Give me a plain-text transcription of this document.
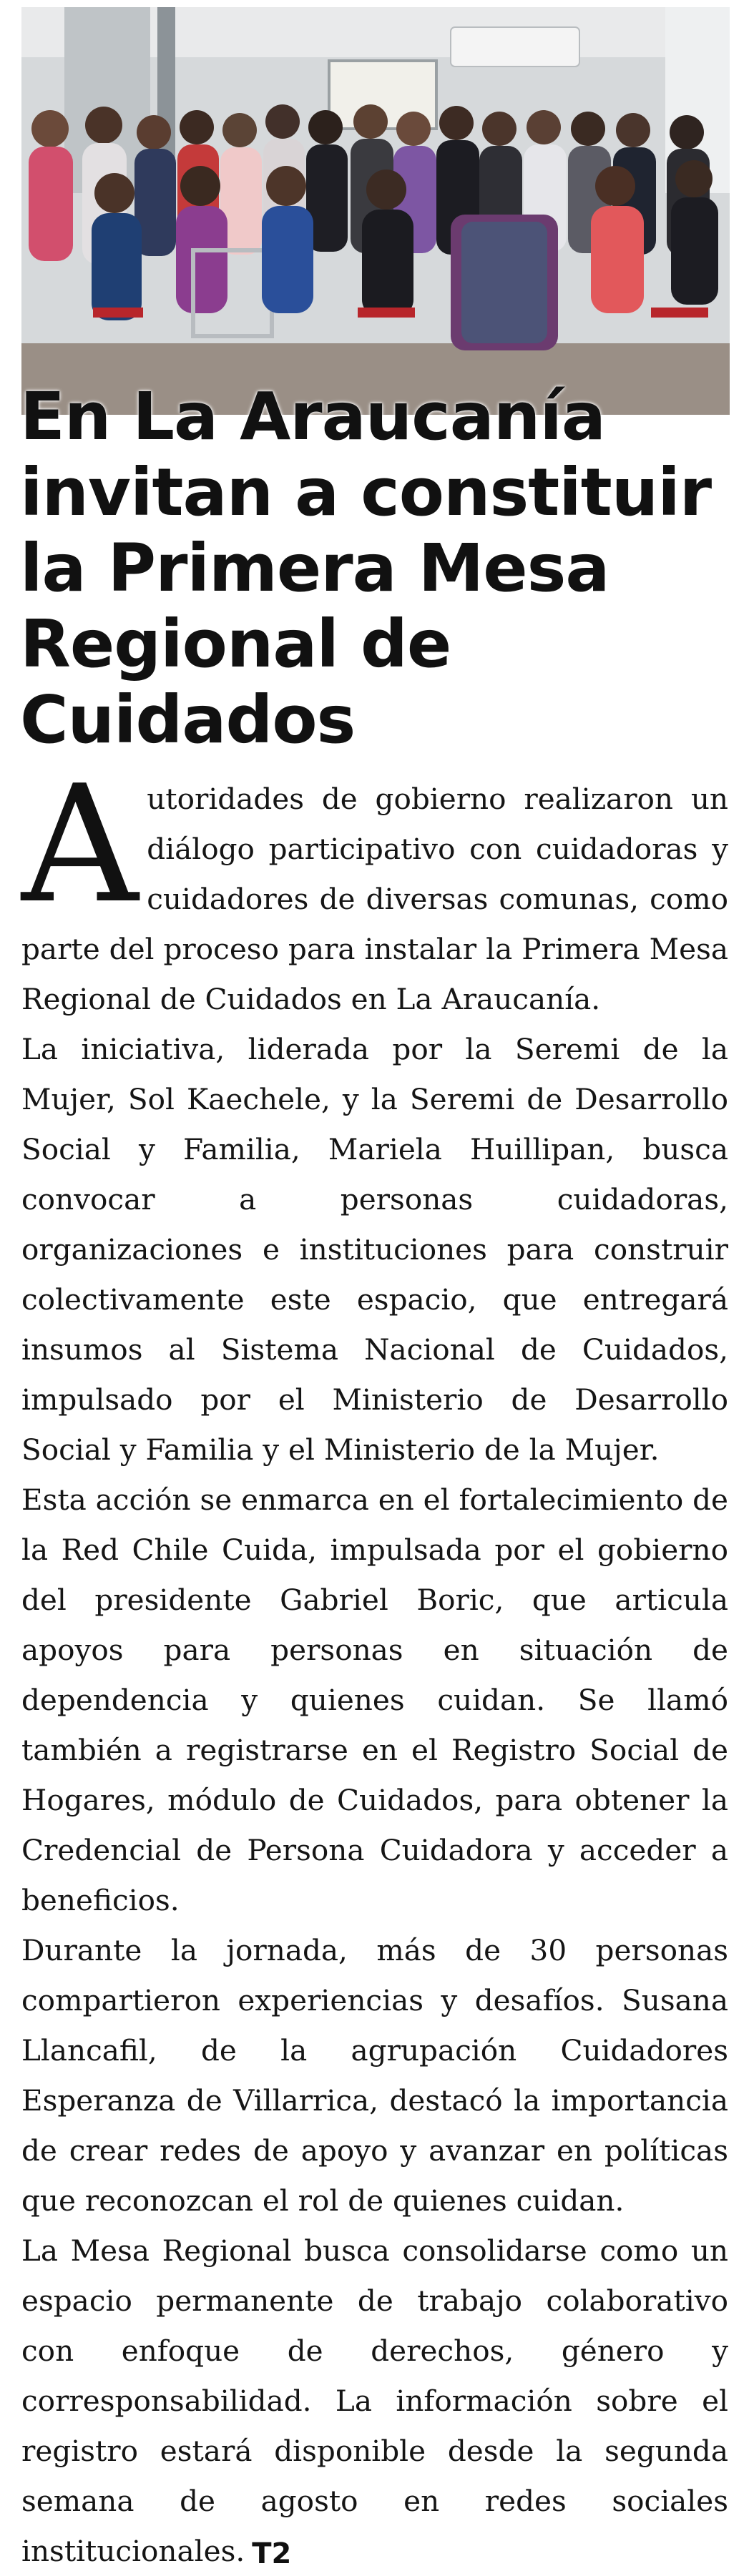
En La Araucanía
invitan a constituir
la Primera Mesa
Regional de
Cuidados

Autoridades de gobierno realizaron un diálogo participativo con cuidadoras y cuidadores de diversas comunas, como parte del proceso para instalar la Primera Mesa Regional de Cuidados en La Araucanía.

La iniciativa, liderada por la Seremi de la Mujer, Sol Kaechele, y la Seremi de Desarrollo Social y Familia, Mariela Huillipan, busca convocar a personas cuidadoras, organizaciones e instituciones para construir colectivamente este espacio, que entregará insumos al Sistema Nacional de Cuidados, impulsado por el Ministerio de Desarrollo Social y Familia y el Ministerio de la Mujer.

Esta acción se enmarca en el fortalecimiento de la Red Chile Cuida, impulsada por el gobierno del presidente Gabriel Boric, que articula apoyos para personas en situación de dependencia y quienes cuidan. Se llamó también a registrarse en el Registro Social de Hogares, módulo de Cuidados, para obtener la Credencial de Persona Cuidadora y acceder a beneficios.

Durante la jornada, más de 30 personas compartieron experiencias y desafíos. Susana Llancafil, de la agrupación Cuidadores Esperanza de Villarrica, destacó la importancia de crear redes de apoyo y avanzar en políticas que reconozcan el rol de quienes cuidan.

La Mesa Regional busca consolidarse como un espacio permanente de trabajo colaborativo con enfoque de derechos, género y corresponsabilidad. La información sobre el registro estará disponible desde la segunda semana de agosto en redes sociales institucionales. T2
